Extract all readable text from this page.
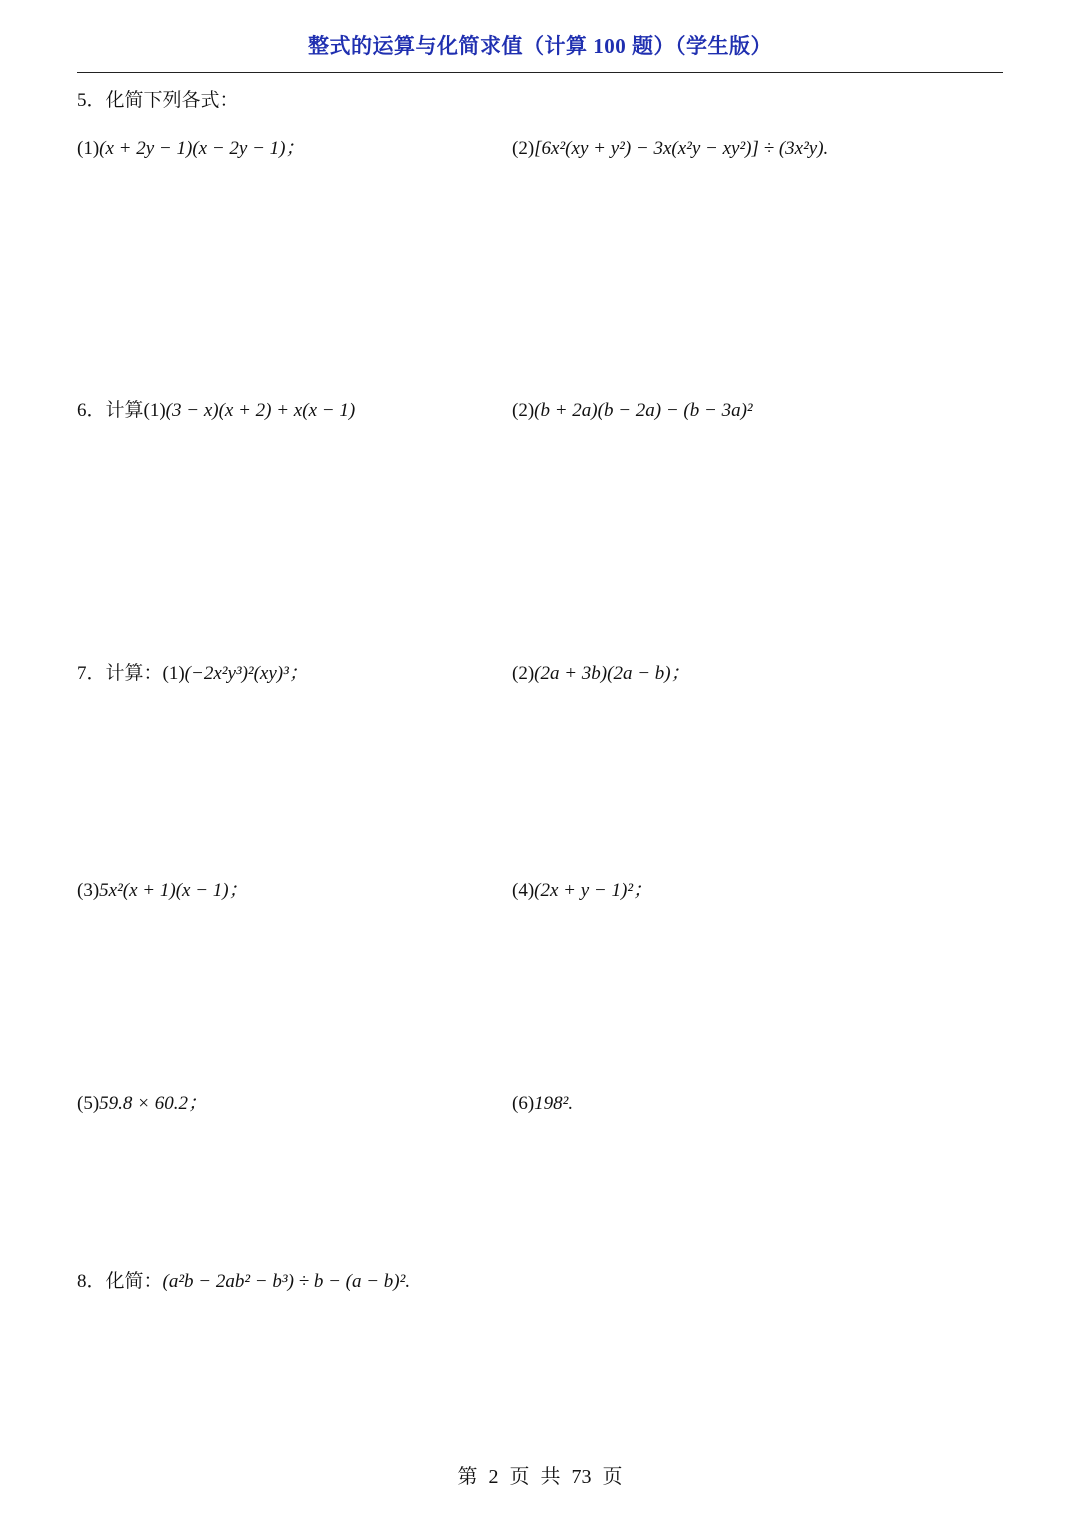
整式的运算与化简求值（计算 100 题）（学生版）
5．化简下列各式：
(1)(x + 2y − 1)(x − 2y − 1)；	(2)[6x²(xy + y²) − 3x(x²y − xy²)] ÷ (3x²y).
6．计算(1)(3 − x)(x + 2) + x(x − 1)	(2)(b + 2a)(b − 2a) − (b − 3a)²
7．计算：(1)(−2x²y³)²(xy)³；	(2)(2a + 3b)(2a − b)；
(3)5x²(x + 1)(x − 1)；	(4)(2x + y − 1)²；
(5)59.8 × 60.2；	(6)198².
8．化简：(a²b − 2ab² − b³) ÷ b − (a − b)².
第 2 页 共 73 页
